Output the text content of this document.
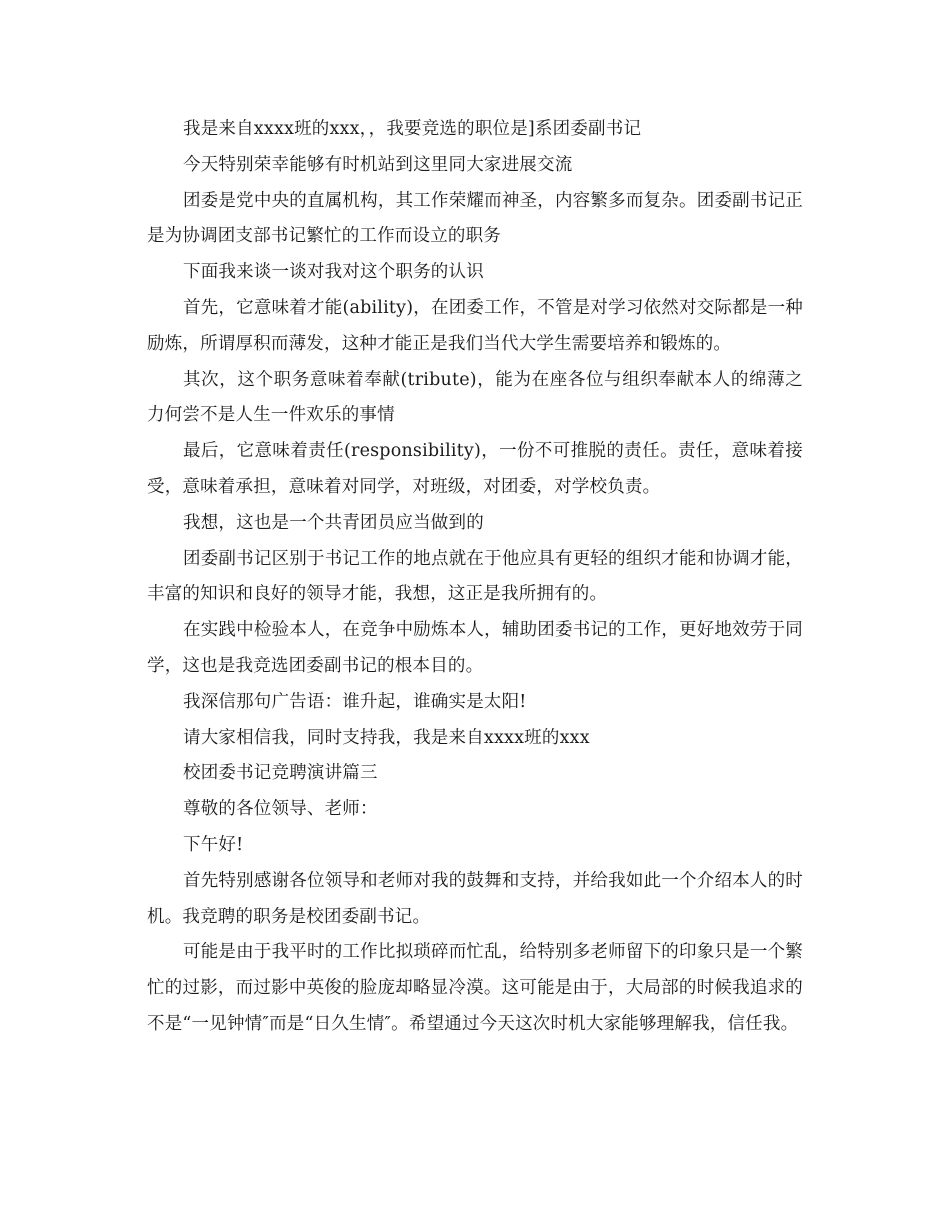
我是来自xxxx班的xxx，，我要竞选的职位是]系团委副书记

今天特别荣幸能够有时机站到这里同大家进展交流

团委是党中央的直属机构，其工作荣耀而神圣，内容繁多而复杂。团委副书记正是为协调团支部书记繁忙的工作而设立的职务

下面我来谈一谈对我对这个职务的认识

首先，它意味着才能(ability)，在团委工作，不管是对学习依然对交际都是一种励炼，所谓厚积而薄发，这种才能正是我们当代大学生需要培养和锻炼的。

其次，这个职务意味着奉献(tribute)，能为在座各位与组织奉献本人的绵薄之力何尝不是人生一件欢乐的事情

最后，它意味着责任(responsibility)，一份不可推脱的责任。责任，意味着接受，意味着承担，意味着对同学，对班级，对团委，对学校负责。

我想，这也是一个共青团员应当做到的

团委副书记区别于书记工作的地点就在于他应具有更轻的组织才能和协调才能，丰富的知识和良好的领导才能，我想，这正是我所拥有的。

在实践中检验本人，在竞争中励炼本人，辅助团委书记的工作，更好地效劳于同学，这也是我竞选团委副书记的根本目的。

我深信那句广告语：谁升起，谁确实是太阳!

请大家相信我，同时支持我，我是来自xxxx班的xxx

校团委书记竞聘演讲篇三

尊敬的各位领导、老师：

下午好!

首先特别感谢各位领导和老师对我的鼓舞和支持，并给我如此一个介绍本人的时机。我竞聘的职务是校团委副书记。

可能是由于我平时的工作比拟琐碎而忙乱，给特别多老师留下的印象只是一个繁忙的过影，而过影中英俊的脸庞却略显冷漠。这可能是由于，大局部的时候我追求的不是“一见钟情″而是“日久生情″。希望通过今天这次时机大家能够理解我，信任我。
